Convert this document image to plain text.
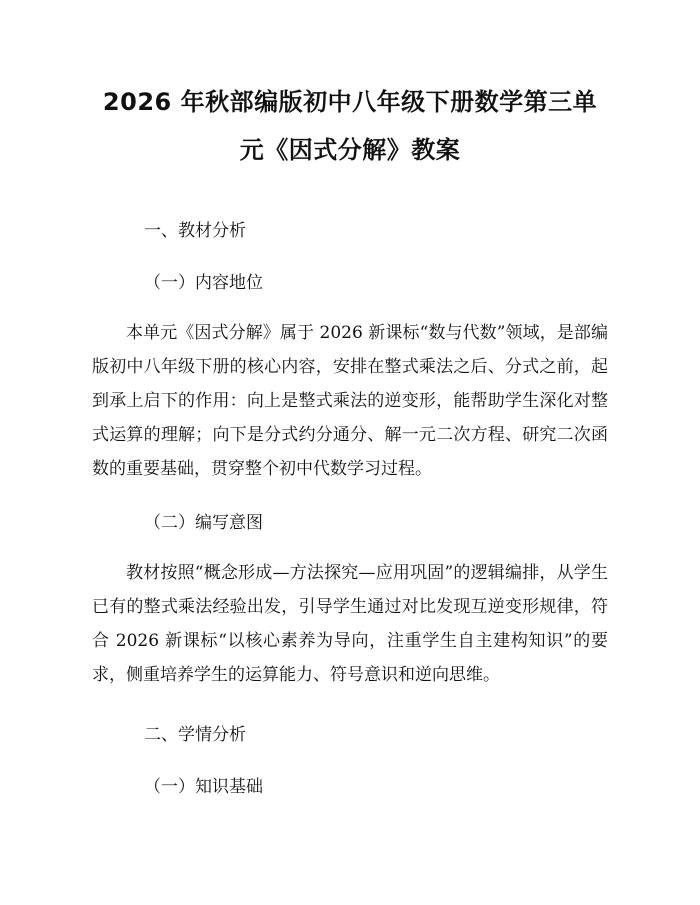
2026 年秋部编版初中八年级下册数学第三单
元《因式分解》教案

一、教材分析

（一）内容地位

本单元《因式分解》属于 2026 新课标“数与代数”领域，是部编版初中八年级下册的核心内容，安排在整式乘法之后、分式之前，起到承上启下的作用：向上是整式乘法的逆变形，能帮助学生深化对整式运算的理解；向下是分式约分通分、解一元二次方程、研究二次函数的重要基础，贯穿整个初中代数学习过程。

（二）编写意图

教材按照“概念形成—方法探究—应用巩固”的逻辑编排，从学生已有的整式乘法经验出发，引导学生通过对比发现互逆变形规律，符合 2026 新课标“以核心素养为导向，注重学生自主建构知识”的要求，侧重培养学生的运算能力、符号意识和逆向思维。

二、学情分析

（一）知识基础
